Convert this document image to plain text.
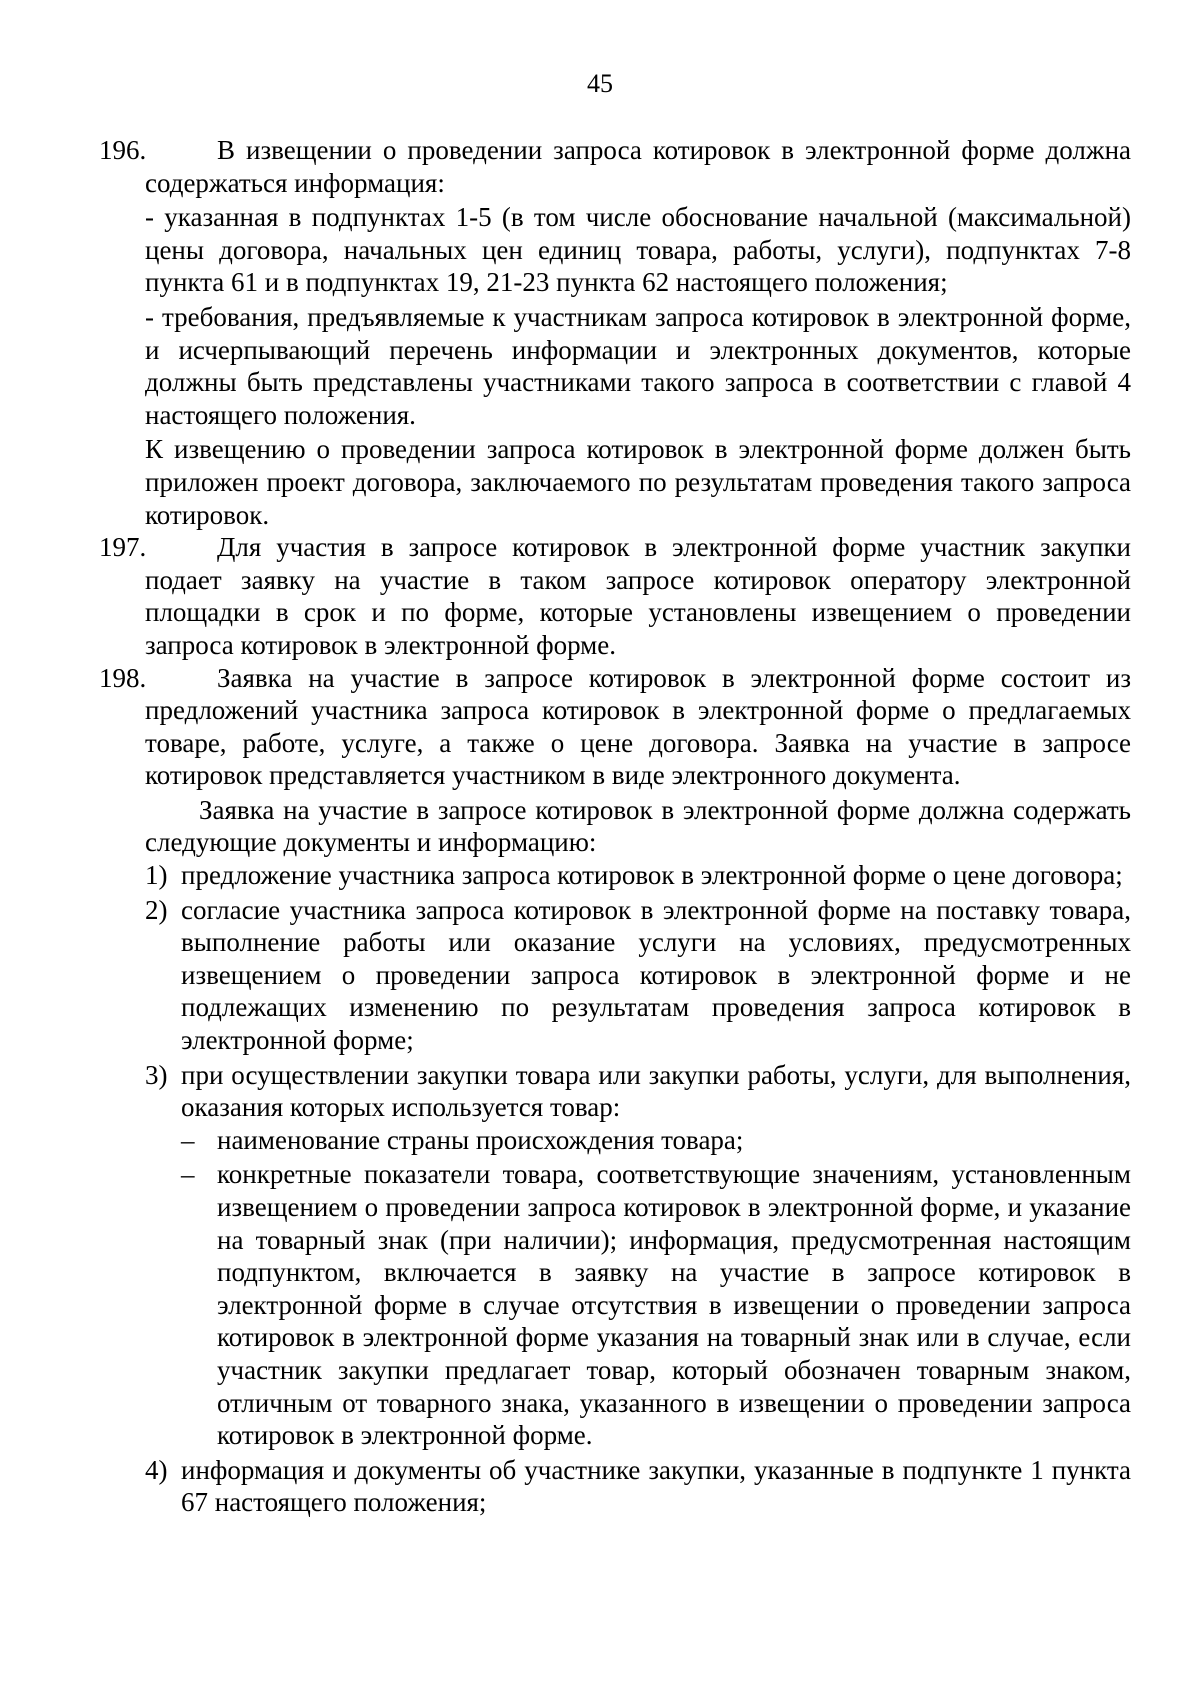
45
196.	В извещении о проведении запроса котировок в электронной форме должна содержаться информация:

- указанная в подпунктах 1-5 (в том числе обоснование начальной (максимальной) цены договора, начальных цен единиц товара, работы, услуги), подпунктах 7-8 пункта 61 и в подпунктах 19, 21-23 пункта 62 настоящего положения;

- требования, предъявляемые к участникам запроса котировок в электронной форме, и исчерпывающий перечень информации и электронных документов, которые должны быть представлены участниками такого запроса в соответствии с главой 4 настоящего положения.

К извещению о проведении запроса котировок в электронной форме должен быть приложен проект договора, заключаемого по результатам проведения такого запроса котировок.

197.	Для участия в запросе котировок в электронной форме участник закупки подает заявку на участие в таком запросе котировок оператору электронной площадки в срок и по форме, которые установлены извещением о проведении запроса котировок в электронной форме.

198.	Заявка на участие в запросе котировок в электронной форме состоит из предложений участника запроса котировок в электронной форме о предлагаемых товаре, работе, услуге, а также о цене договора. Заявка на участие в запросе котировок представляется участником в виде электронного документа.

Заявка на участие в запросе котировок в электронной форме должна содержать следующие документы и информацию:

1) предложение участника запроса котировок в электронной форме о цене договора;
2) согласие участника запроса котировок в электронной форме на поставку товара, выполнение работы или оказание услуги на условиях, предусмотренных извещением о проведении запроса котировок в электронной форме и не подлежащих изменению по результатам проведения запроса котировок в электронной форме;
3) при осуществлении закупки товара или закупки работы, услуги, для выполнения, оказания которых используется товар:
– наименование страны происхождения товара;
– конкретные показатели товара, соответствующие значениям, установленным извещением о проведении запроса котировок в электронной форме, и указание на товарный знак (при наличии); информация, предусмотренная настоящим подпунктом, включается в заявку на участие в запросе котировок в электронной форме в случае отсутствия в извещении о проведении запроса котировок в электронной форме указания на товарный знак или в случае, если участник закупки предлагает товар, который обозначен товарным знаком, отличным от товарного знака, указанного в извещении о проведении запроса котировок в электронной форме.
4) информация и документы об участнике закупки, указанные в подпункте 1 пункта 67 настоящего положения;
